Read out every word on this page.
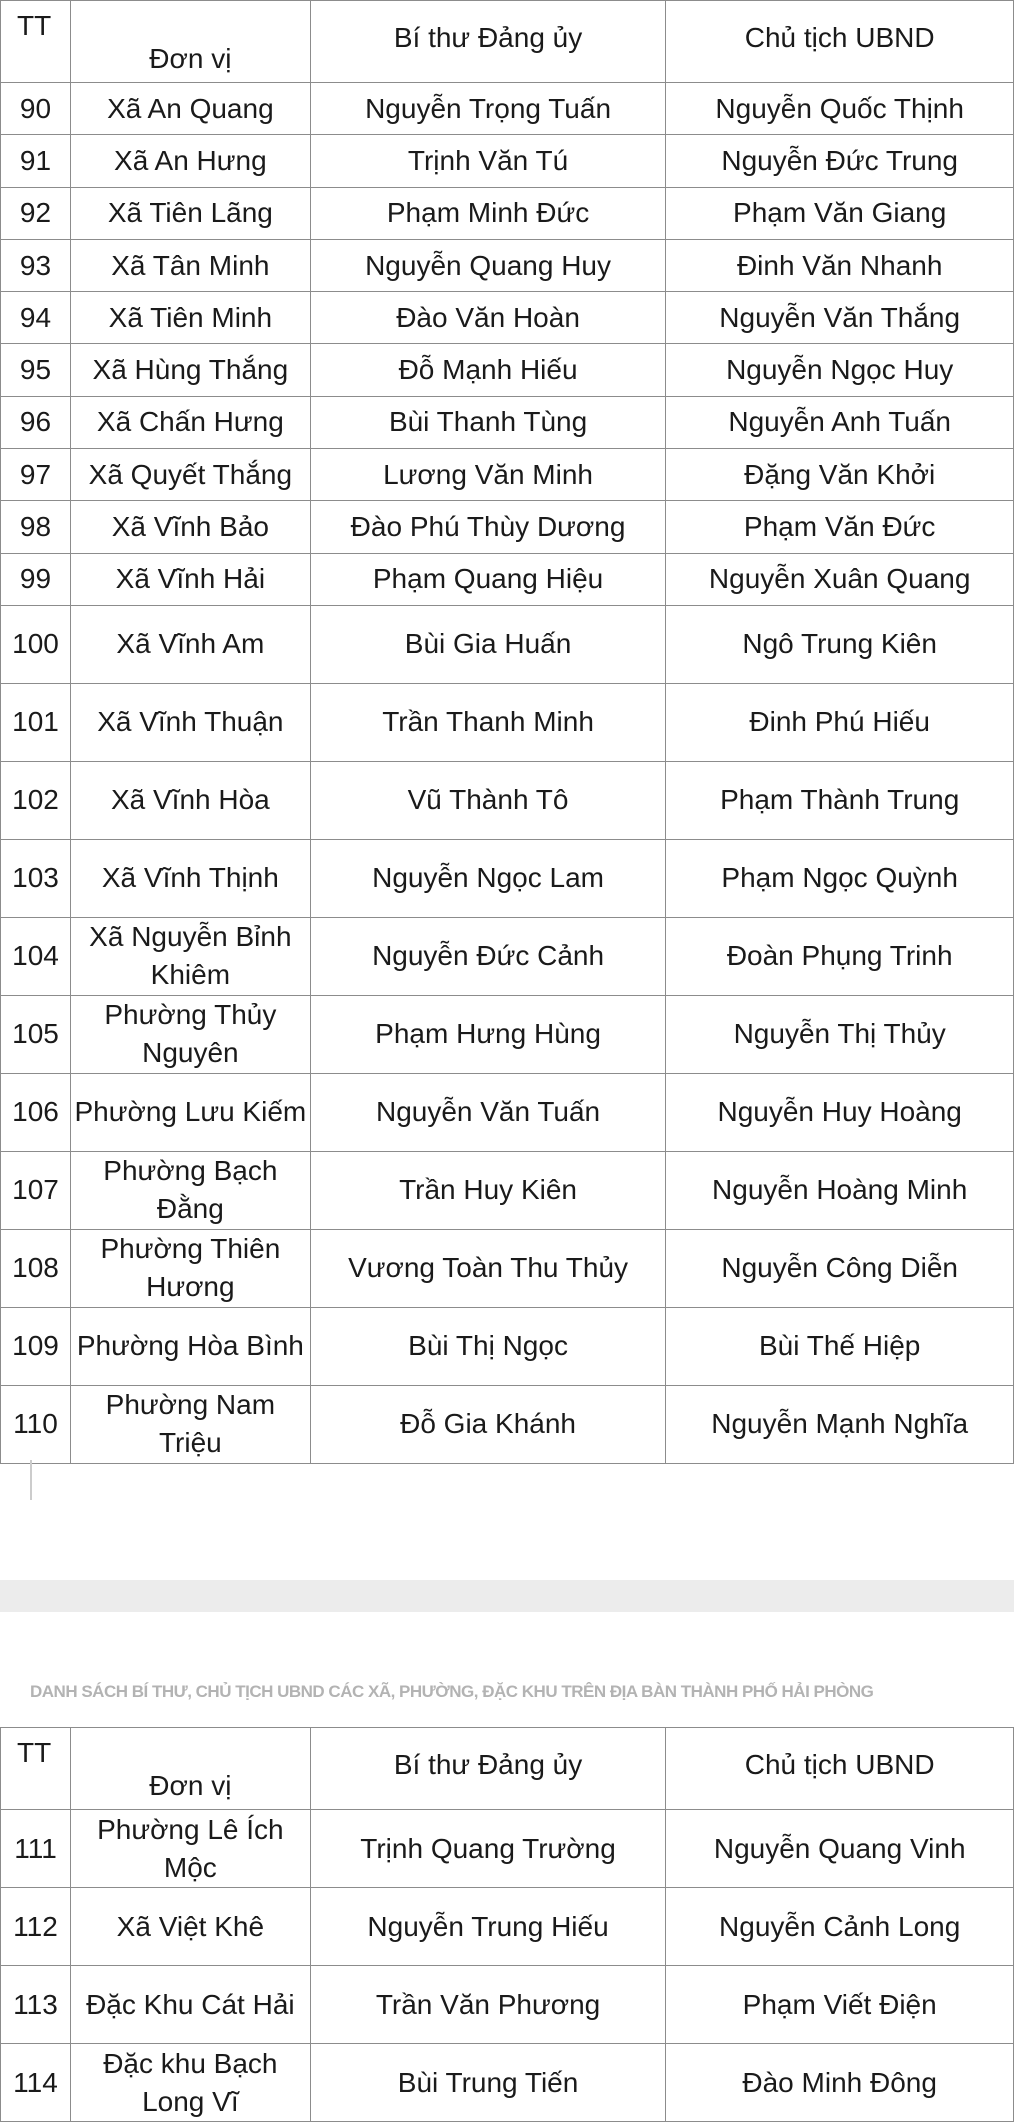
TT	Đơn vị	Bí thư Đảng ủy	Chủ tịch UBND
90	Xã An Quang	Nguyễn Trọng Tuấn	Nguyễn Quốc Thịnh
91	Xã An Hưng	Trịnh Văn Tú	Nguyễn Đức Trung
92	Xã Tiên Lãng	Phạm Minh Đức	Phạm Văn Giang
93	Xã Tân Minh	Nguyễn Quang Huy	Đinh Văn Nhanh
94	Xã Tiên Minh	Đào Văn Hoàn	Nguyễn Văn Thắng
95	Xã Hùng Thắng	Đỗ Mạnh Hiếu	Nguyễn Ngọc Huy
96	Xã Chấn Hưng	Bùi Thanh Tùng	Nguyễn Anh Tuấn
97	Xã Quyết Thắng	Lương Văn Minh	Đặng Văn Khởi
98	Xã Vĩnh Bảo	Đào Phú Thùy Dương	Phạm Văn Đức
99	Xã Vĩnh Hải	Phạm Quang Hiệu	Nguyễn Xuân Quang
100	Xã Vĩnh Am	Bùi Gia Huấn	Ngô Trung Kiên
101	Xã Vĩnh Thuận	Trần Thanh Minh	Đinh Phú Hiếu
102	Xã Vĩnh Hòa	Vũ Thành Tô	Phạm Thành Trung
103	Xã Vĩnh Thịnh	Nguyễn Ngọc Lam	Phạm Ngọc Quỳnh
104	Xã Nguyễn Bỉnh Khiêm	Nguyễn Đức Cảnh	Đoàn Phụng Trinh
105	Phường Thủy Nguyên	Phạm Hưng Hùng	Nguyễn Thị Thủy
106	Phường Lưu Kiếm	Nguyễn Văn Tuấn	Nguyễn Huy Hoàng
107	Phường Bạch Đằng	Trần Huy Kiên	Nguyễn Hoàng Minh
108	Phường Thiên Hương	Vương Toàn Thu Thủy	Nguyễn Công Diễn
109	Phường Hòa Bình	Bùi Thị Ngọc	Bùi Thế Hiệp
110	Phường Nam Triệu	Đỗ Gia Khánh	Nguyễn Mạnh Nghĩa
DANH SÁCH BÍ THƯ, CHỦ TỊCH UBND CÁC XÃ, PHƯỜNG, ĐẶC KHU TRÊN ĐỊA BÀN THÀNH PHỐ HẢI PHÒNG
TT	Đơn vị	Bí thư Đảng ủy	Chủ tịch UBND
111	Phường Lê Ích Mộc	Trịnh Quang Trường	Nguyễn Quang Vinh
112	Xã Việt Khê	Nguyễn Trung Hiếu	Nguyễn Cảnh Long
113	Đặc Khu Cát Hải	Trần Văn Phương	Phạm Viết Điện
114	Đặc khu Bạch Long Vĩ	Bùi Trung Tiến	Đào Minh Đông
